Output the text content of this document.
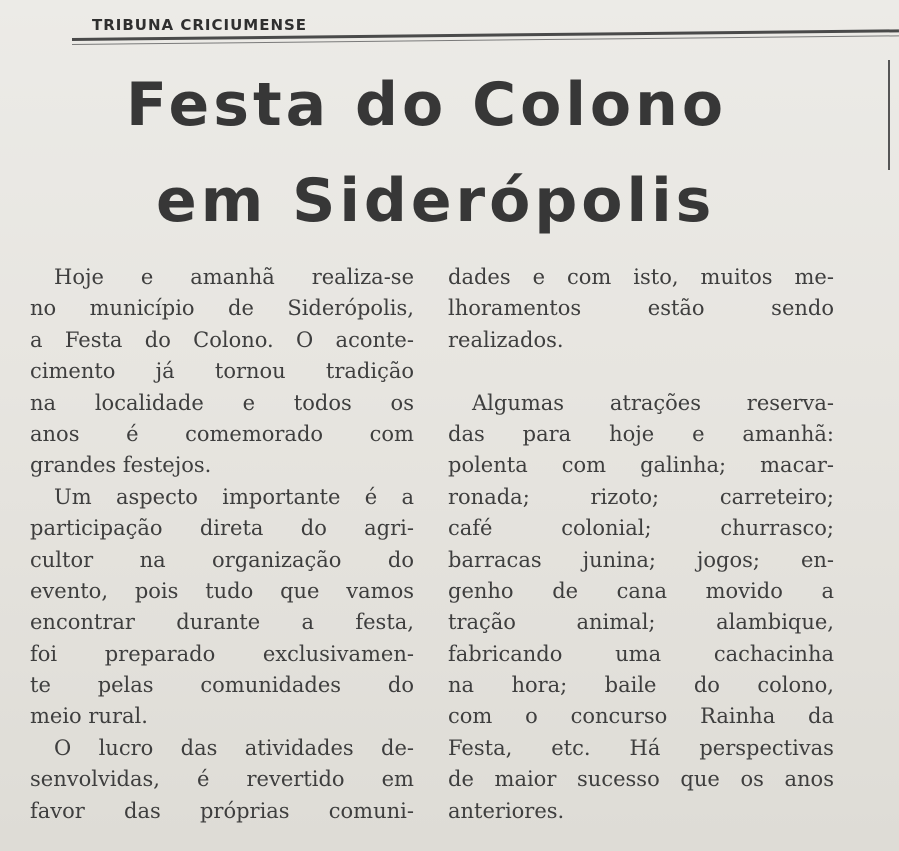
TRIBUNA CRICIUMENSE
Festa do Colono
em Siderópolis
Hoje e amanhã realiza-se
no município de Siderópolis,
a Festa do Colono. O aconte-
cimento já tornou tradição
na localidade e todos os
anos é comemorado com
grandes festejos.
Um aspecto importante é a
participação direta do agri-
cultor na organização do
evento, pois tudo que vamos
encontrar durante a festa,
foi preparado exclusivamen-
te pelas comunidades do
meio rural.
O lucro das atividades de-
senvolvidas, é revertido em
favor das próprias comuni-
dades e com isto, muitos me-
lhoramentos	estão	sendo
realizados.
Algumas atrações reserva-
das para hoje e amanhã:
polenta com galinha; macar-
ronada;	rizoto;	carreteiro;
café	colonial;	churrasco;
barracas junina; jogos; en-
genho de cana movido a
tração	animal;	alambique,
fabricando	uma	cachacinha
na hora; baile do colono,
com o concurso Rainha da
Festa, etc. Há perspectivas
de maior sucesso que os anos
anteriores.
